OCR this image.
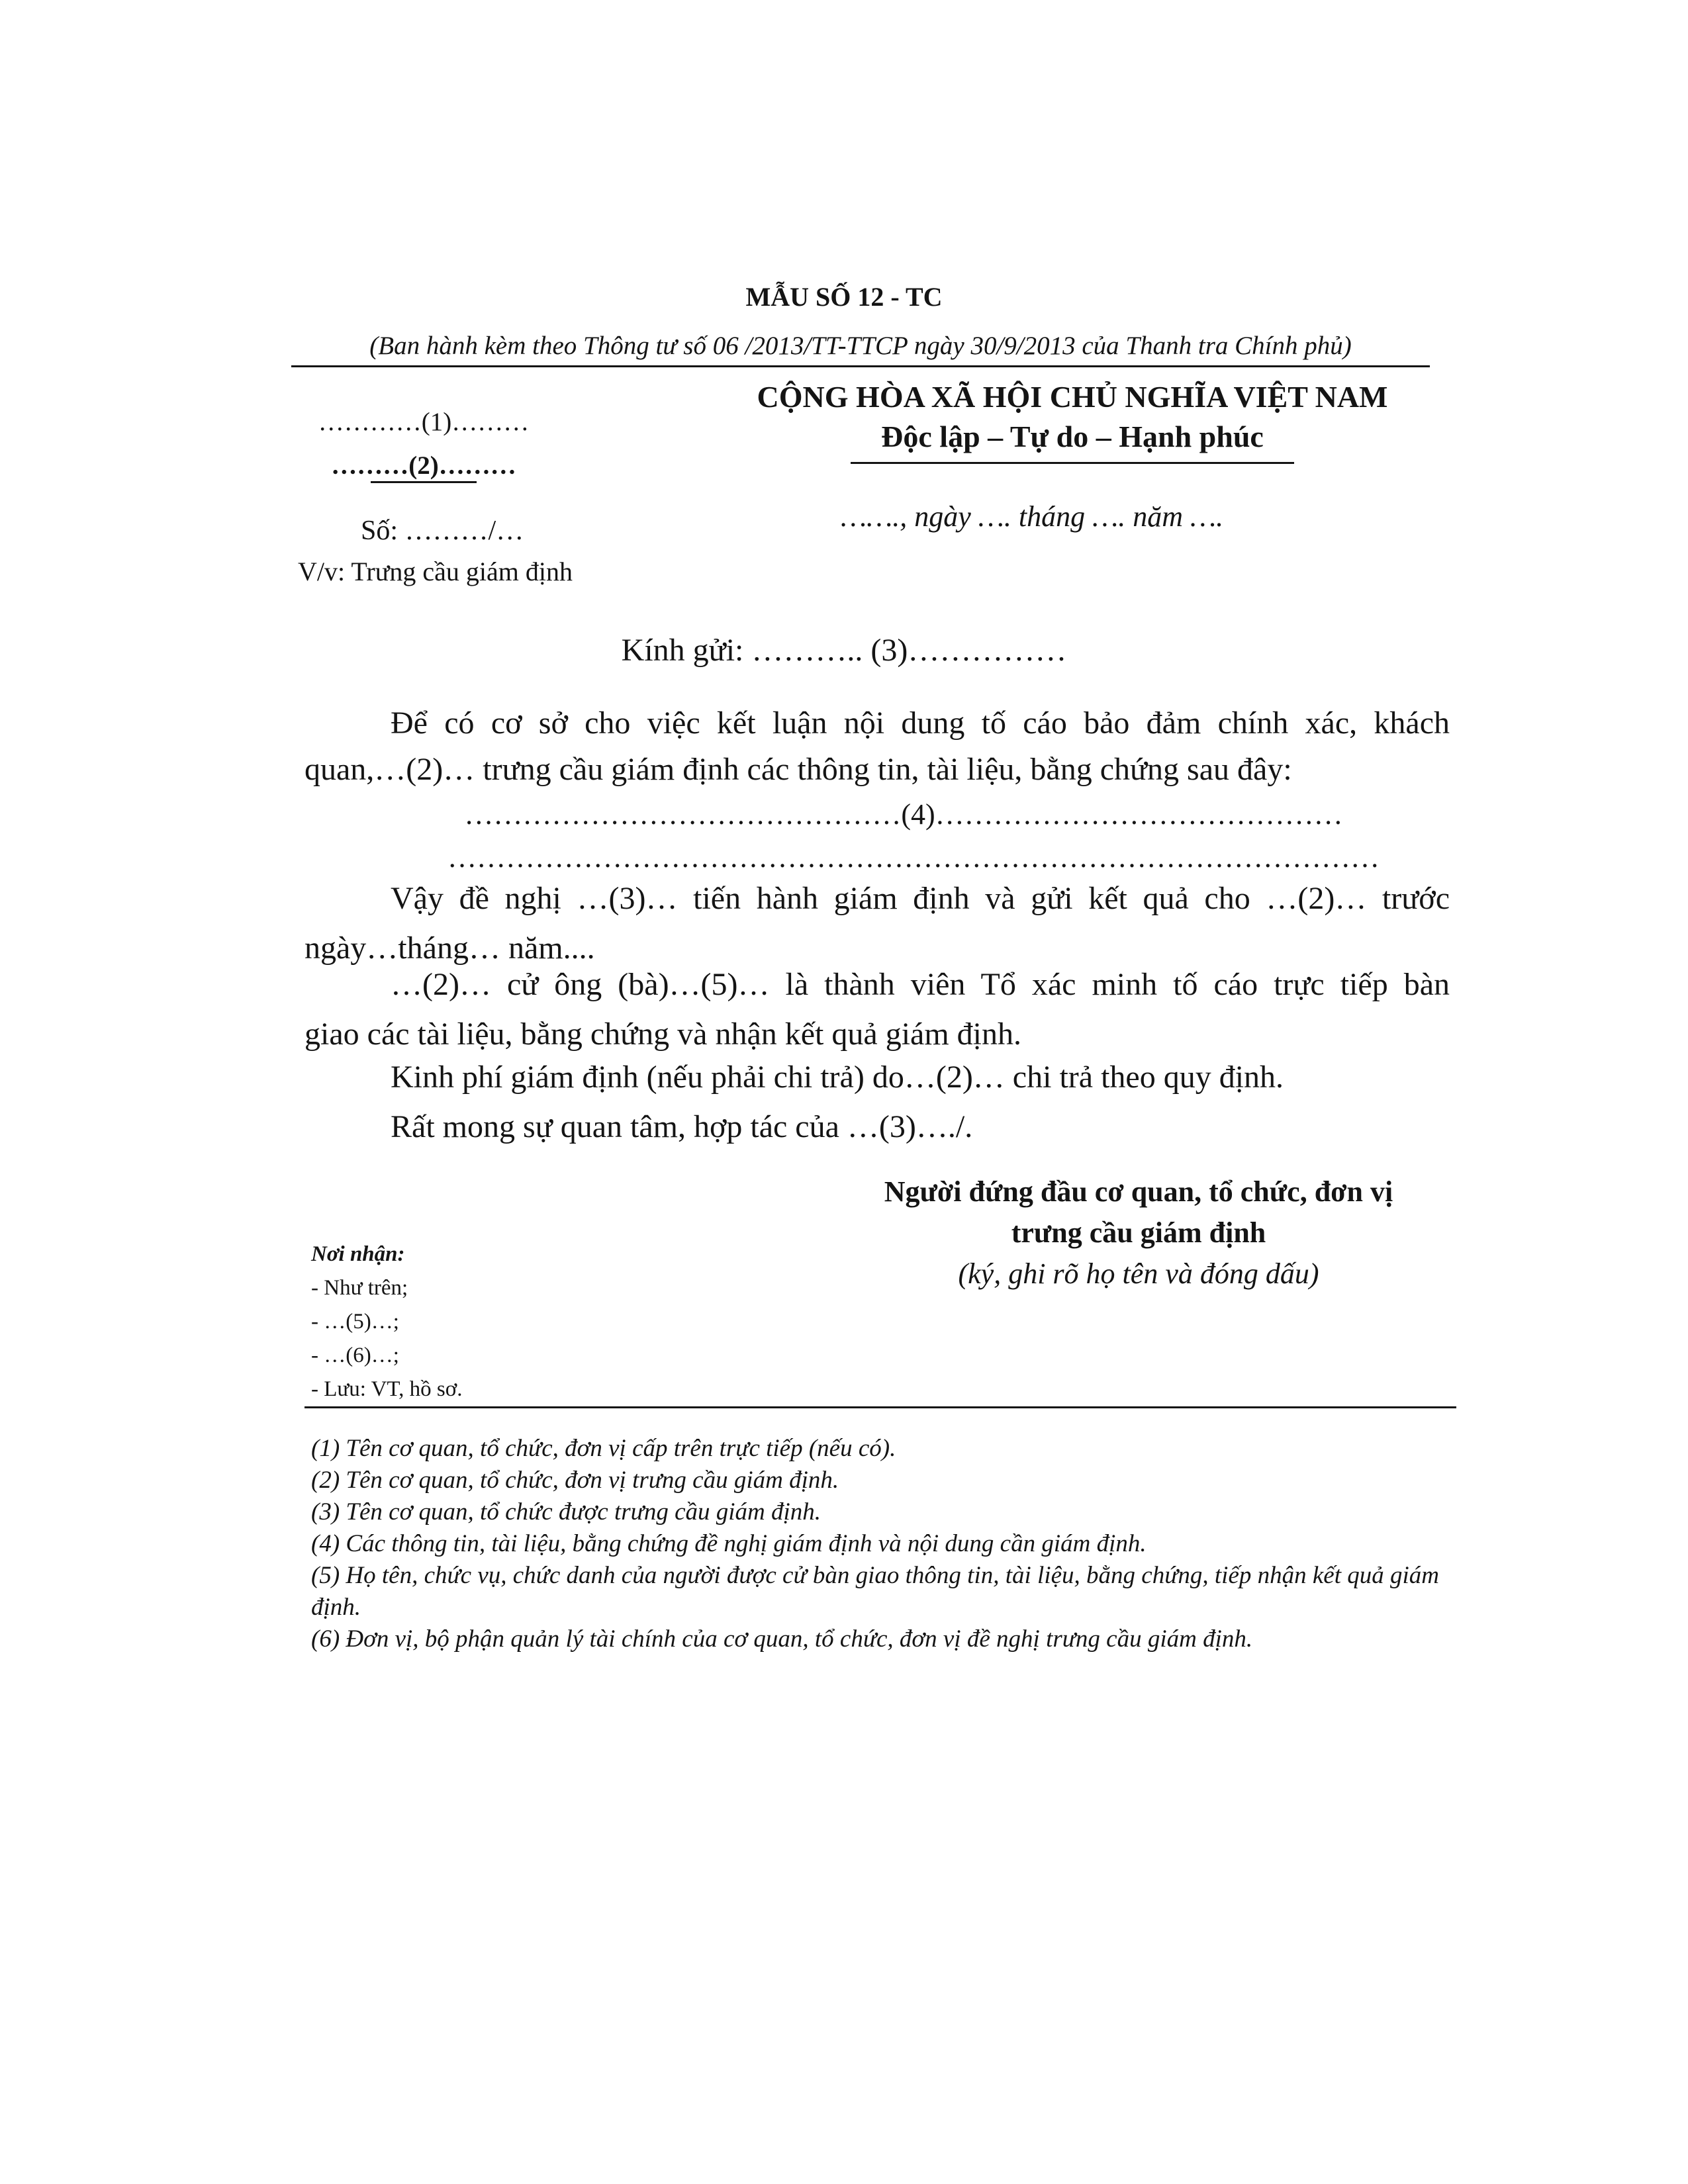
MẪU SỐ 12 - TC
(Ban hành kèm theo Thông tư số 06 /2013/TT-TTCP ngày 30/9/2013 của Thanh tra Chính phủ)
…………(1)………
………(2)………
CỘNG HÒA XÃ HỘI CHỦ NGHĨA VIỆT NAM
Độc lập – Tự do – Hạnh phúc
Số: ………/…	……., ngày …. tháng …. năm ….
V/v: Trưng cầu giám định
Kính gửi: ……….. (3)……………
Để có cơ sở cho việc kết luận nội dung tố cáo bảo đảm chính xác, khách
quan,…(2)… trưng cầu giám định các thông tin, tài liệu, bằng chứng sau đây:
………………………………………(4)……………………………………
……………………………………………………………………………………
Vậy đề nghị …(3)… tiến hành giám định và gửi kết quả cho …(2)… trước
ngày…tháng… năm....
…(2)… cử ông (bà)…(5)… là thành viên Tổ xác minh tố cáo trực tiếp bàn
giao các tài liệu, bằng chứng và nhận kết quả giám định.
Kinh phí giám định (nếu phải chi trả) do…(2)… chi trả theo quy định.
Rất mong sự quan tâm, hợp tác của …(3)…./.
Người đứng đầu cơ quan, tổ chức, đơn vị
trưng cầu giám định
(ký, ghi rõ họ tên và đóng dấu)
Nơi nhận:
- Như trên;
- …(5)…;
- …(6)…;
- Lưu: VT, hồ sơ.
(1) Tên cơ quan, tổ chức, đơn vị cấp trên trực tiếp (nếu có).
(2) Tên cơ quan, tổ chức, đơn vị trưng cầu giám định.
(3) Tên cơ quan, tổ chức được trưng cầu giám định.
(4) Các thông tin, tài liệu, bằng chứng đề nghị giám định và nội dung cần giám định.
(5) Họ tên, chức vụ, chức danh của người được cử bàn giao thông tin, tài liệu, bằng chứng, tiếp nhận kết quả giám định.
(6) Đơn vị, bộ phận quản lý tài chính của cơ quan, tổ chức, đơn vị đề nghị trưng cầu giám định.
